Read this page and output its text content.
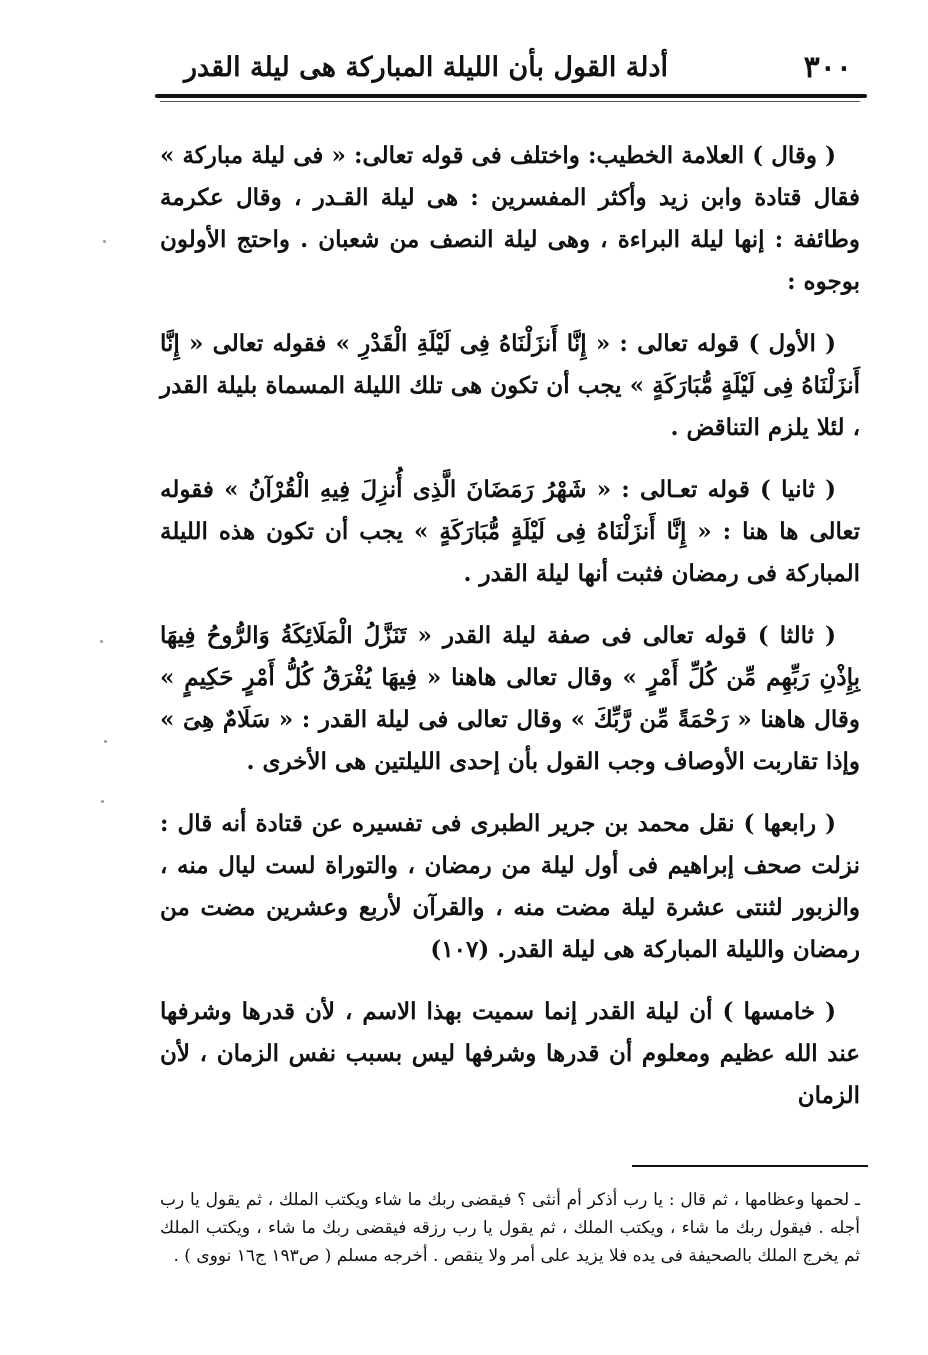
٣٠٠
أدلة القول بأن الليلة المباركة هى ليلة القدر

( وقال ) العلامة الخطيب: واختلف فى قوله تعالى: « فى ليلة مباركة » فقال قتادة وابن زيد وأكثر المفسرين : هى ليلة القـدر ، وقال عكرمة وطائفة : إنها ليلة البراءة ، وهى ليلة النصف من شعبان . واحتج الأولون بوجوه :

( الأول ) قوله تعالى : « إِنَّا أَنزَلْنَاهُ فِى لَيْلَةِ الْقَدْرِ » فقوله تعالى « إِنَّا أَنزَلْنَاهُ فِى لَيْلَةٍ مُّبَارَكَةٍ » يجب أن تكون هى تلك الليلة المسماة بليلة القدر ، لئلا يلزم التناقض .

( ثانيا ) قوله تعـالى : « شَهْرُ رَمَضَانَ الَّذِى أُنزِلَ فِيهِ الْقُرْآنُ » فقوله تعالى ها هنا : « إِنَّا أَنزَلْنَاهُ فِى لَيْلَةٍ مُّبَارَكَةٍ » يجب أن تكون هذه الليلة المباركة فى رمضان فثبت أنها ليلة القدر .

( ثالثا ) قوله تعالى فى صفة ليلة القدر « تَنَزَّلُ الْمَلَائِكَةُ وَالرُّوحُ فِيهَا بِإِذْنِ رَبِّهِم مِّن كُلِّ أَمْرٍ » وقال تعالى هاهنا « فِيهَا يُفْرَقُ كُلُّ أَمْرٍ حَكِيمٍ » وقال هاهنا « رَحْمَةً مِّن رَّبِّكَ » وقال تعالى فى ليلة القدر : « سَلَامٌ هِىَ » وإذا تقاربت الأوصاف وجب القول بأن إحدى الليلتين هى الأخرى .

( رابعها ) نقل محمد بن جرير الطبرى فى تفسيره عن قتادة أنه قال : نزلت صحف إبراهيم فى أول ليلة من رمضان ، والتوراة لست ليال منه ، والزبور لثنتى عشرة ليلة مضت منه ، والقرآن لأربع وعشرين مضت من رمضان والليلة المباركة هى ليلة القدر. (١٠٧)

( خامسها ) أن ليلة القدر إنما سميت بهذا الاسم ، لأن قدرها وشرفها عند الله عظيم ومعلوم أن قدرها وشرفها ليس بسبب نفس الزمان ، لأن الزمان

ـ لحمها وعظامها ، ثم قال : يا رب أذكر أم أنثى ؟ فيقضى ربك ما شاء ويكتب الملك ، ثم يقول يا رب أجله . فيقول ربك ما شاء ، ويكتب الملك ، ثم يقول يا رب رزقه فيقضى ربك ما شاء ، ويكتب الملك ثم يخرج الملك بالصحيفة فى يده فلا يزيد على أمر ولا ينقص . أخرجه مسلم ( ص١٩٣ ج١٦ نووى ) .
